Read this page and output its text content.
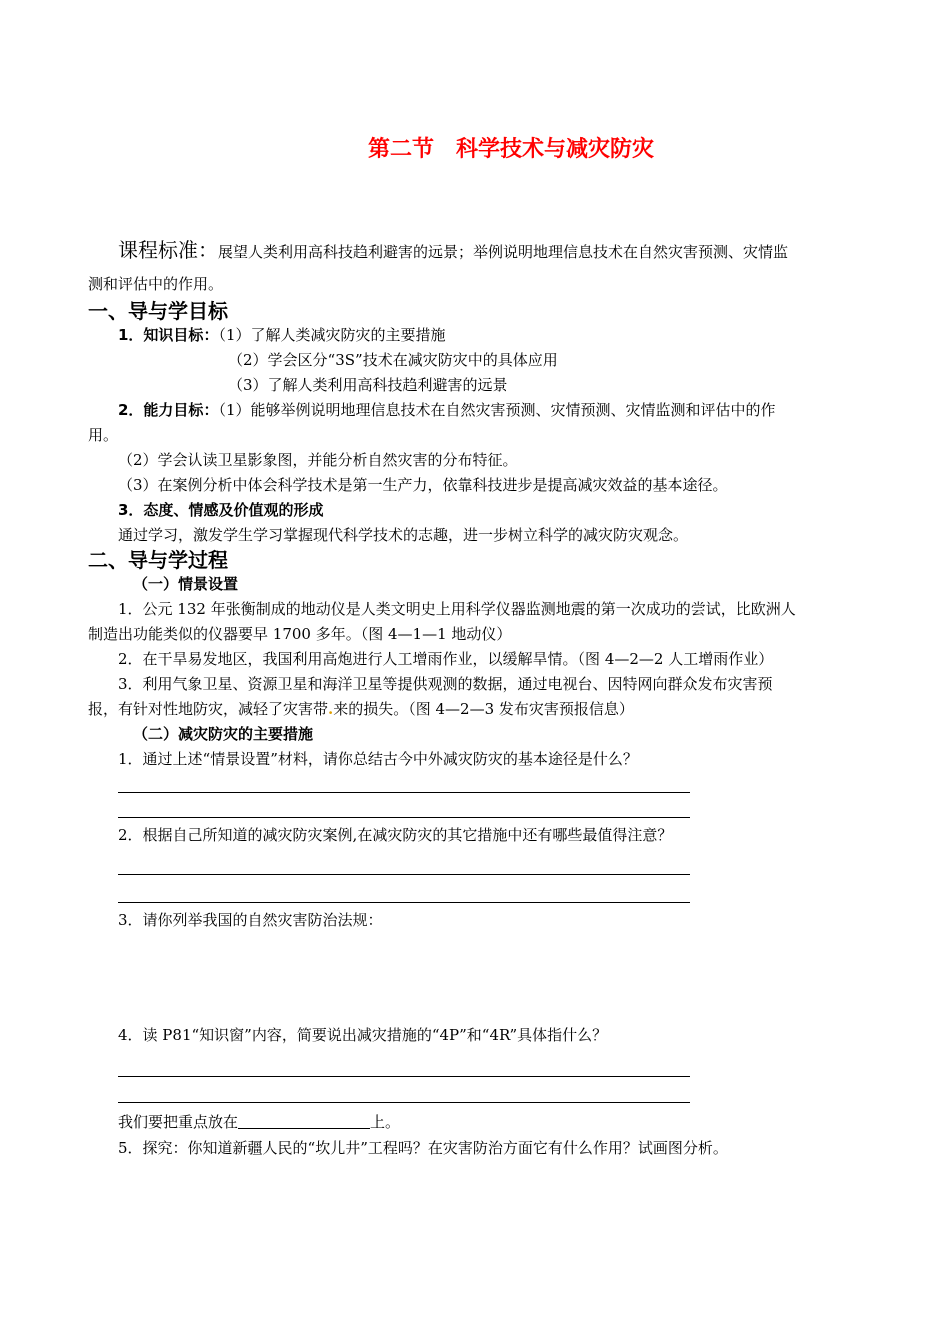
第二节　科学技术与减灾防灾
课程标准：展望人类利用高科技趋利避害的远景；举例说明地理信息技术在自然灾害预测、灾情监
测和评估中的作用。
一、导与学目标
1．知识目标：（1）了解人类减灾防灾的主要措施
（2）学会区分“3S”技术在减灾防灾中的具体应用
（3）了解人类利用高科技趋利避害的远景
2．能力目标：（1）能够举例说明地理信息技术在自然灾害预测、灾情预测、灾情监测和评估中的作
用。
（2）学会认读卫星影象图，并能分析自然灾害的分布特征。
（3）在案例分析中体会科学技术是第一生产力，依靠科技进步是提高减灾效益的基本途径。
3．态度、情感及价值观的形成
通过学习，激发学生学习掌握现代科学技术的志趣，进一步树立科学的减灾防灾观念。
二、导与学过程
（一）情景设置
1．公元 132 年张衡制成的地动仪是人类文明史上用科学仪器监测地震的第一次成功的尝试，比欧洲人
制造出功能类似的仪器要早 1700 多年。（图 4—1—1 地动仪）
2．在干旱易发地区，我国利用高炮进行人工增雨作业，以缓解旱情。（图 4—2—2 人工增雨作业）
3．利用气象卫星、资源卫星和海洋卫星等提供观测的数据，通过电视台、因特网向群众发布灾害预
报，有针对性地防灾，减轻了灾害带.来的损失。（图 4—2—3 发布灾害预报信息）
（二）减灾防灾的主要措施
1．通过上述“情景设置”材料，请你总结古今中外减灾防灾的基本途径是什么？
2．根据自己所知道的减灾防灾案例,在减灾防灾的其它措施中还有哪些最值得注意？
3．请你列举我国的自然灾害防治法规：
4．读 P81“知识窗”内容，简要说出减灾措施的“4P”和“4R”具体指什么？
我们要把重点放在	上。
5．探究：你知道新疆人民的“坎儿井”工程吗？在灾害防治方面它有什么作用？试画图分析。
